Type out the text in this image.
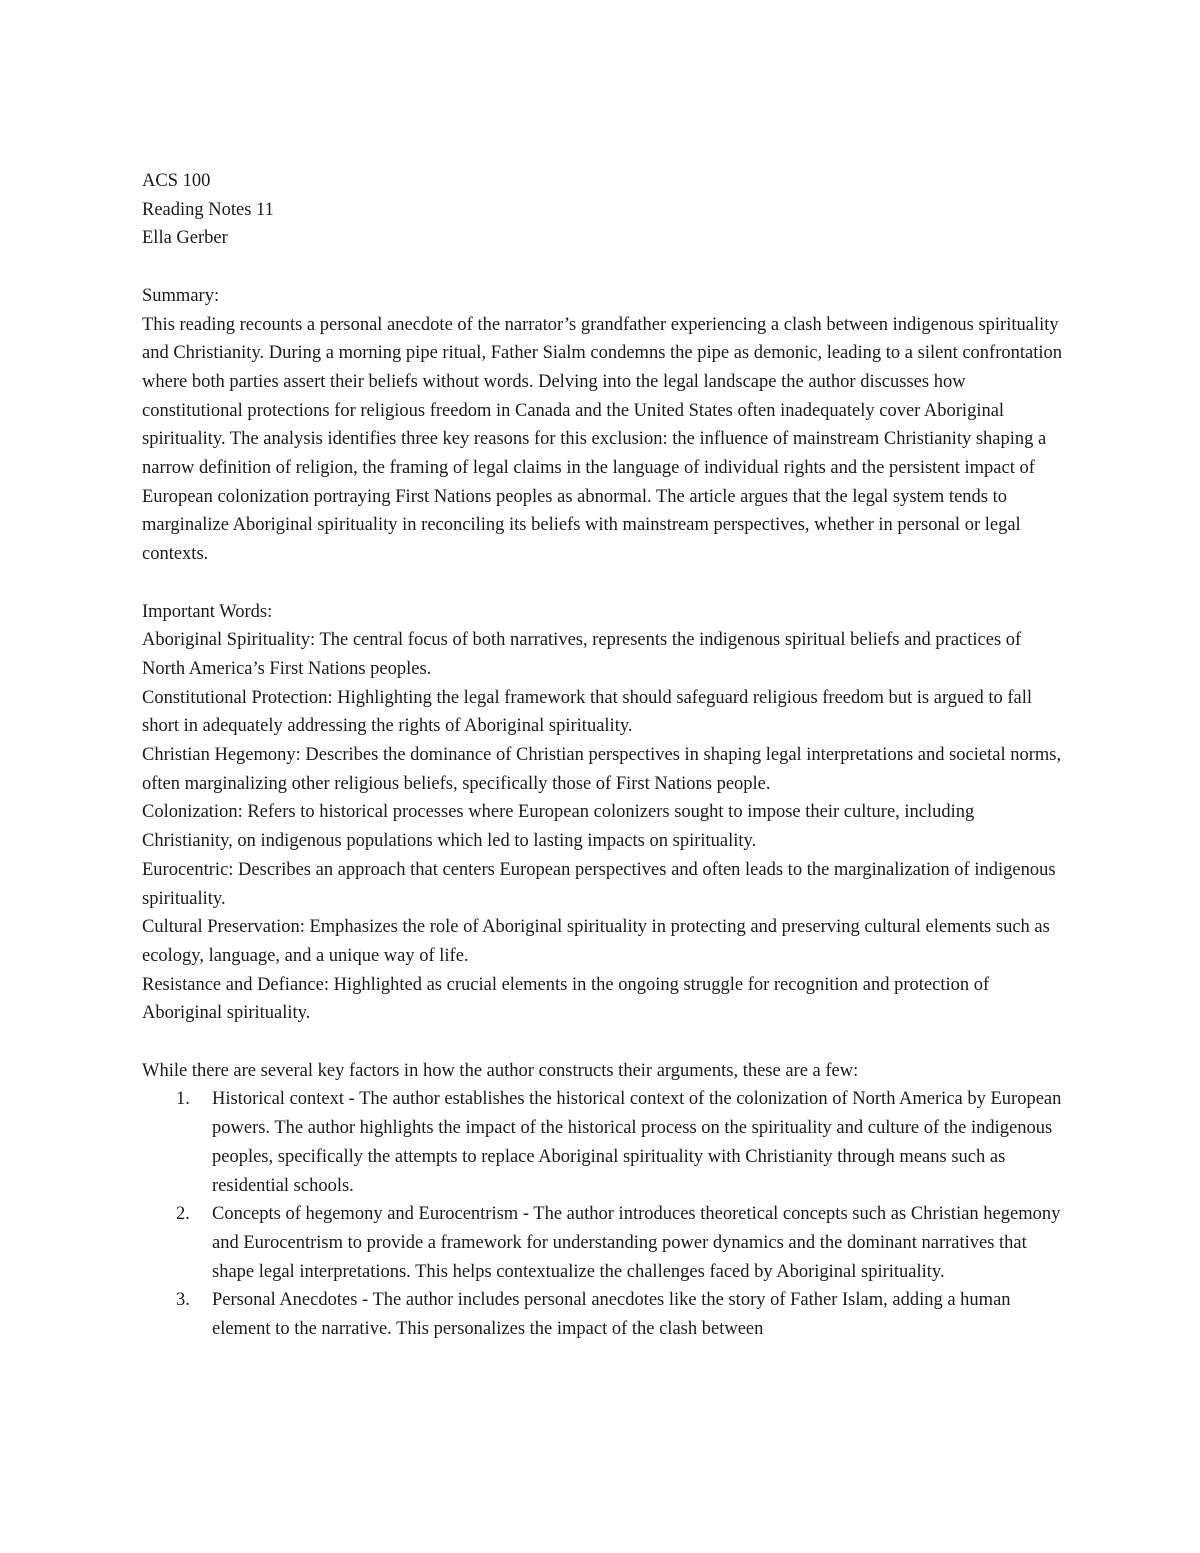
ACS 100
Reading Notes 11
Ella Gerber
Summary:

This reading recounts a personal anecdote of the narrator’s grandfather experiencing a clash between indigenous spirituality and Christianity. During a morning pipe ritual, Father Sialm condemns the pipe as demonic, leading to a silent confrontation where both parties assert their beliefs without words. Delving into the legal landscape the author discusses how constitutional protections for religious freedom in Canada and the United States often inadequately cover Aboriginal spirituality. The analysis identifies three key reasons for this exclusion: the influence of mainstream Christianity shaping a narrow definition of religion, the framing of legal claims in the language of individual rights and the persistent impact of European colonization portraying First Nations peoples as abnormal. The article argues that the legal system tends to marginalize Aboriginal spirituality in reconciling its beliefs with mainstream perspectives, whether in personal or legal contexts.

Important Words:

Aboriginal Spirituality: The central focus of both narratives, represents the indigenous spiritual beliefs and practices of North America’s First Nations peoples.

Constitutional Protection: Highlighting the legal framework that should safeguard religious freedom but is argued to fall short in adequately addressing the rights of Aboriginal spirituality.

Christian Hegemony: Describes the dominance of Christian perspectives in shaping legal interpretations and societal norms, often marginalizing other religious beliefs, specifically those of First Nations people.

Colonization: Refers to historical processes where European colonizers sought to impose their culture, including Christianity, on indigenous populations which led to lasting impacts on spirituality.

Eurocentric: Describes an approach that centers European perspectives and often leads to the marginalization of indigenous spirituality.

Cultural Preservation: Emphasizes the role of Aboriginal spirituality in protecting and preserving cultural elements such as ecology, language, and a unique way of life.

Resistance and Defiance: Highlighted as crucial elements in the ongoing struggle for recognition and protection of Aboriginal spirituality.

While there are several key factors in how the author constructs their arguments, these are a few:

1. Historical context - The author establishes the historical context of the colonization of North America by European powers. The author highlights the impact of the historical process on the spirituality and culture of the indigenous peoples, specifically the attempts to replace Aboriginal spirituality with Christianity through means such as residential schools.
2. Concepts of hegemony and Eurocentrism - The author introduces theoretical concepts such as Christian hegemony and Eurocentrism to provide a framework for understanding power dynamics and the dominant narratives that shape legal interpretations. This helps contextualize the challenges faced by Aboriginal spirituality.
3. Personal Anecdotes - The author includes personal anecdotes like the story of Father Islam, adding a human element to the narrative. This personalizes the impact of the clash between
